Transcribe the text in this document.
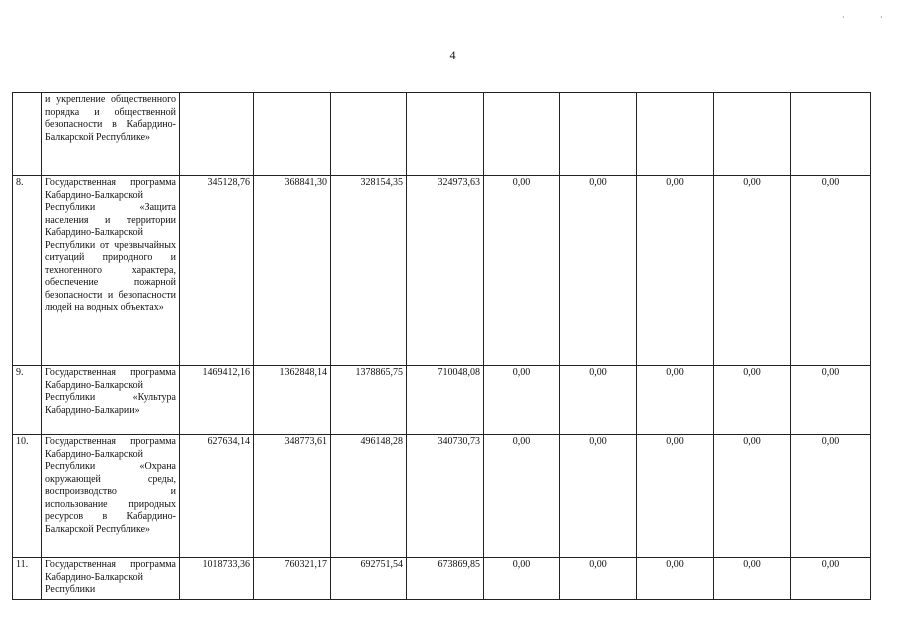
4
·	·
	и укрепление общественного порядка и общественной безопасности в Кабардино-Балкарской Республике»									
8.	Государственная программа Кабардино-Балкарской Республики «Защита населения и территории Кабардино-Балкарской Республики от чрезвычайных ситуаций природного и техногенного характера, обеспечение пожарной безопасности и безопасности людей на водных объектах»	345128,76	368841,30	328154,35	324973,63	0,00	0,00	0,00	0,00	0,00
9.	Государственная программа Кабардино-Балкарской Республики «Культура Кабардино-Балкарии»	1469412,16	1362848,14	1378865,75	710048,08	0,00	0,00	0,00	0,00	0,00
10.	Государственная программа Кабардино-Балкарской Республики «Охрана окружающей среды, воспроизводство и использование природных ресурсов в Кабардино-Балкарской Республике»	627634,14	348773,61	496148,28	340730,73	0,00	0,00	0,00	0,00	0,00
11.	Государственная программа Кабардино-Балкарской Республики	1018733,36	760321,17	692751,54	673869,85	0,00	0,00	0,00	0,00	0,00
